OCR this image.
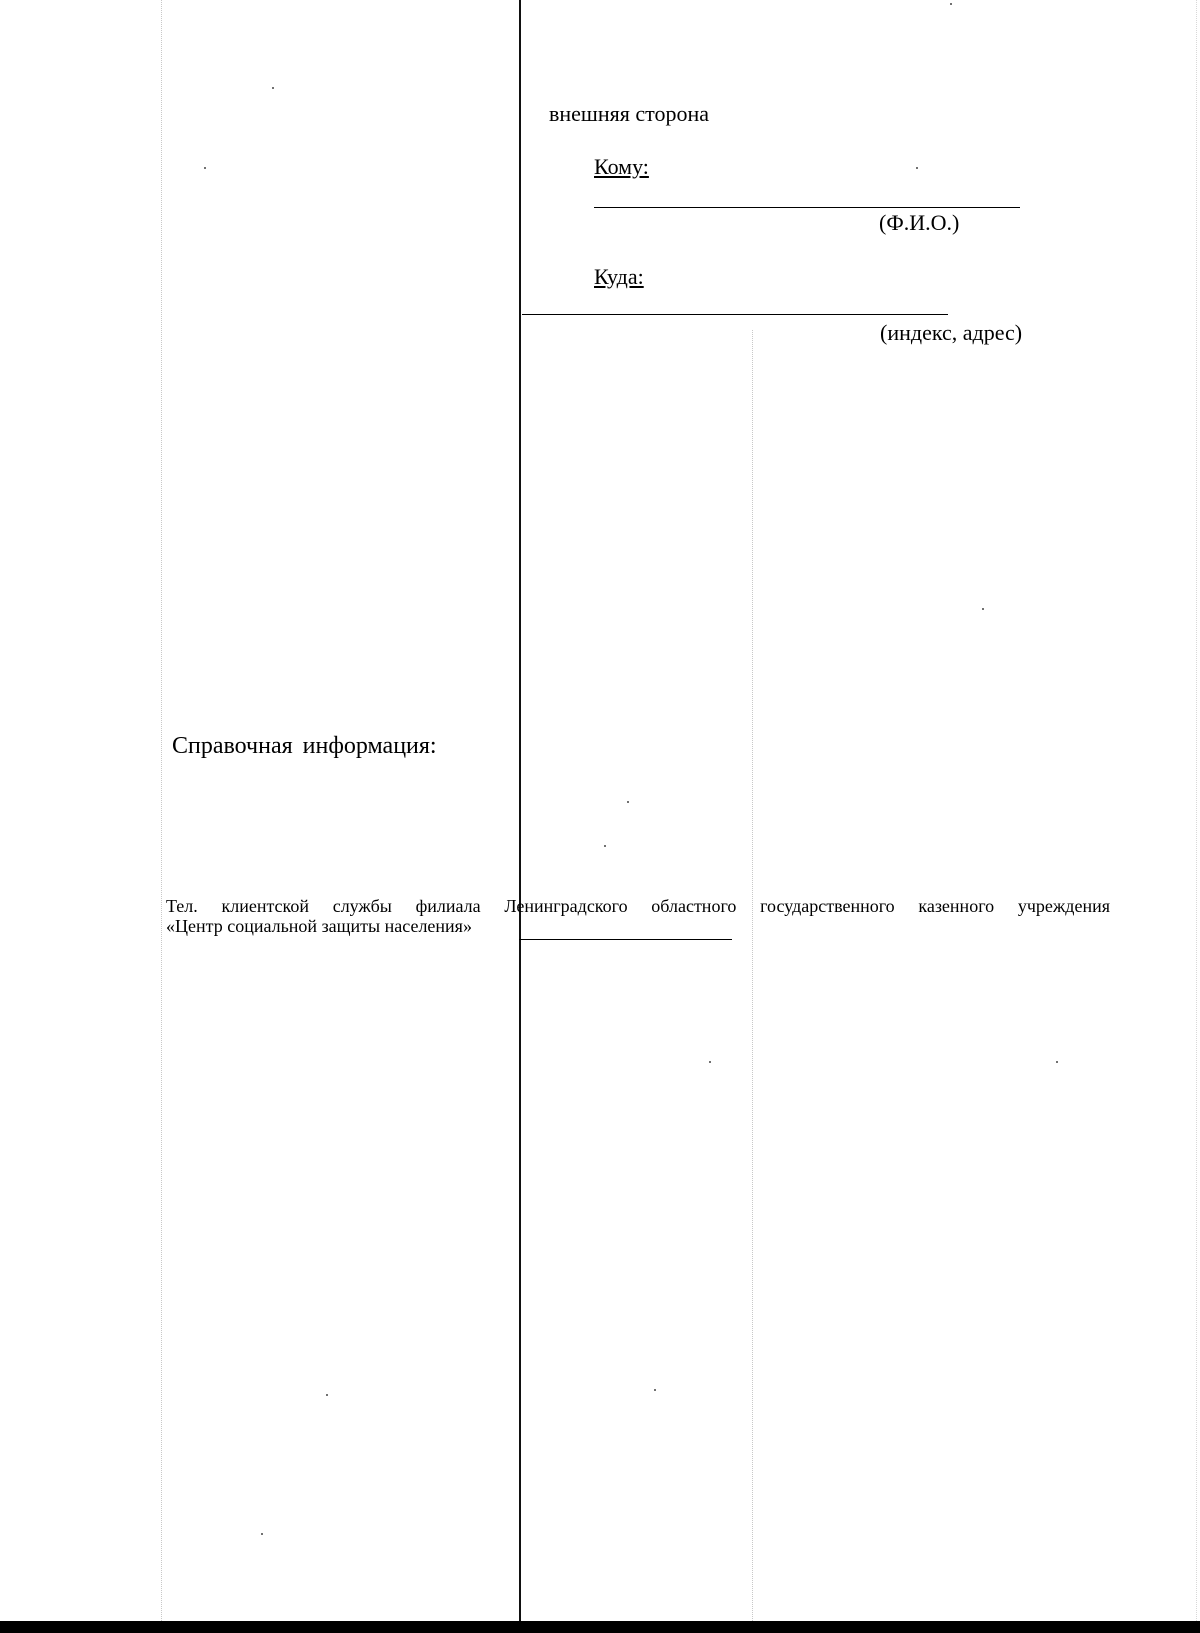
внешняя сторона
Кому:
(Ф.И.О.)
Куда:
(индекс, адрес)
Справочная информация:
Тел. клиентской службы филиала Ленинградского областного государственного казенного учреждения
«Центр социальной защиты населения»
